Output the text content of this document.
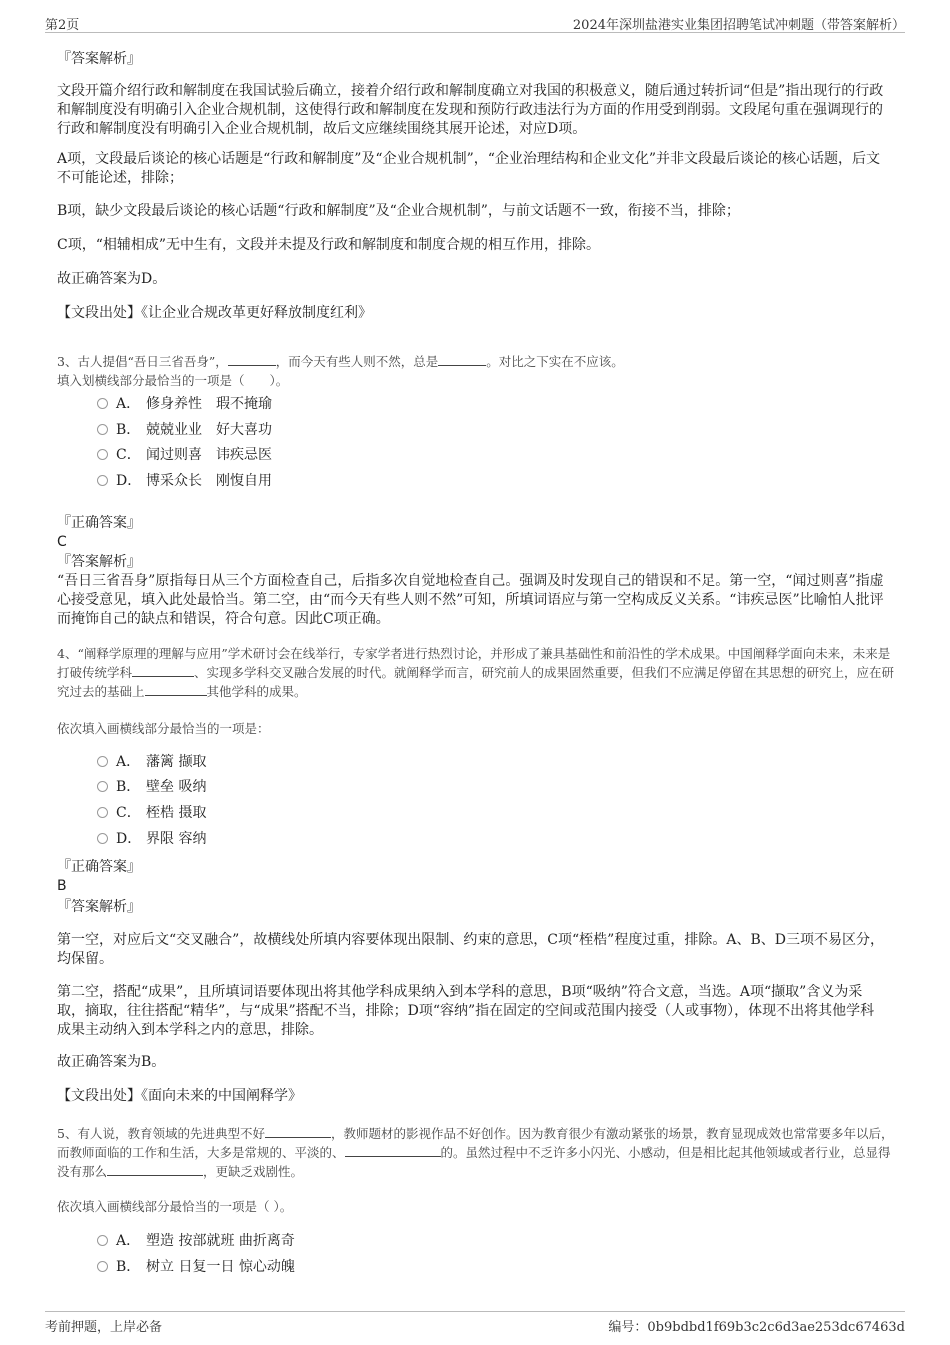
第2页	2024年深圳盐港实业集团招聘笔试冲刺题（带答案解析）
『答案解析』
文段开篇介绍行政和解制度在我国试验后确立，接着介绍行政和解制度确立对我国的积极意义，随后通过转折词“但是”指出现行的行政和解制度没有明确引入企业合规机制，这使得行政和解制度在发现和预防行政违法行为方面的作用受到削弱。文段尾句重在强调现行的行政和解制度没有明确引入企业合规机制，故后文应继续围绕其展开论述，对应D项。
A项，文段最后谈论的核心话题是“行政和解制度”及“企业合规机制”，“企业治理结构和企业文化”并非文段最后谈论的核心话题，后文不可能论述，排除；
B项，缺少文段最后谈论的核心话题“行政和解制度”及“企业合规机制”，与前文话题不一致，衔接不当，排除；
C项，“相辅相成”无中生有，文段并未提及行政和解制度和制度合规的相互作用，排除。
故正确答案为D。
【文段出处】《让企业合规改革更好释放制度红利》
3、古人提倡“吾日三省吾身”，	，而今天有些人则不然，总是	。对比之下实在不应该。
填入划横线部分最恰当的一项是（　　）。
A． 修身养性　瑕不掩瑜
B． 兢兢业业　好大喜功
C． 闻过则喜　讳疾忌医
D． 博采众长　刚愎自用
『正确答案』
C
『答案解析』
“吾日三省吾身”原指每日从三个方面检查自己，后指多次自觉地检查自己。强调及时发现自己的错误和不足。第一空，“闻过则喜”指虚心接受意见，填入此处最恰当。第二空，由“而今天有些人则不然”可知，所填词语应与第一空构成反义关系。“讳疾忌医”比喻怕人批评而掩饰自己的缺点和错误，符合句意。因此C项正确。
4、“阐释学原理的理解与应用”学术研讨会在线举行，专家学者进行热烈讨论，并形成了兼具基础性和前沿性的学术成果。中国阐释学面向未来，未来是打破传统学科	、实现多学科交叉融合发展的时代。就阐释学而言，研究前人的成果固然重要，但我们不应满足停留在其思想的研究上，应在研究过去的基础上	其他学科的成果。
依次填入画横线部分最恰当的一项是：
A． 藩篱 撷取
B． 壁垒 吸纳
C． 桎梏 摄取
D． 界限 容纳
『正确答案』
B
『答案解析』
第一空，对应后文“交叉融合”，故横线处所填内容要体现出限制、约束的意思，C项“桎梏”程度过重，排除。A、B、D三项不易区分，均保留。
第二空，搭配“成果”，且所填词语要体现出将其他学科成果纳入到本学科的意思，B项“吸纳”符合文意，当选。A项“撷取”含义为采取，摘取，往往搭配“精华”，与“成果”搭配不当，排除；D项“容纳”指在固定的空间或范围内接受（人或事物），体现不出将其他学科成果主动纳入到本学科之内的意思，排除。
故正确答案为B。
【文段出处】《面向未来的中国阐释学》
5、有人说，教育领域的先进典型不好	，教师题材的影视作品不好创作。因为教育很少有激动紧张的场景，教育显现成效也常常要多年以后，而教师面临的工作和生活，大多是常规的、平淡的、	的。虽然过程中不乏许多小闪光、小感动，但是相比起其他领域或者行业，总显得没有那么	，更缺乏戏剧性。
依次填入画横线部分最恰当的一项是（ ）。
A． 塑造 按部就班 曲折离奇
B． 树立 日复一日 惊心动魄
考前押题，上岸必备	编号：0b9bdbd1f69b3c2c6d3ae253dc67463d
